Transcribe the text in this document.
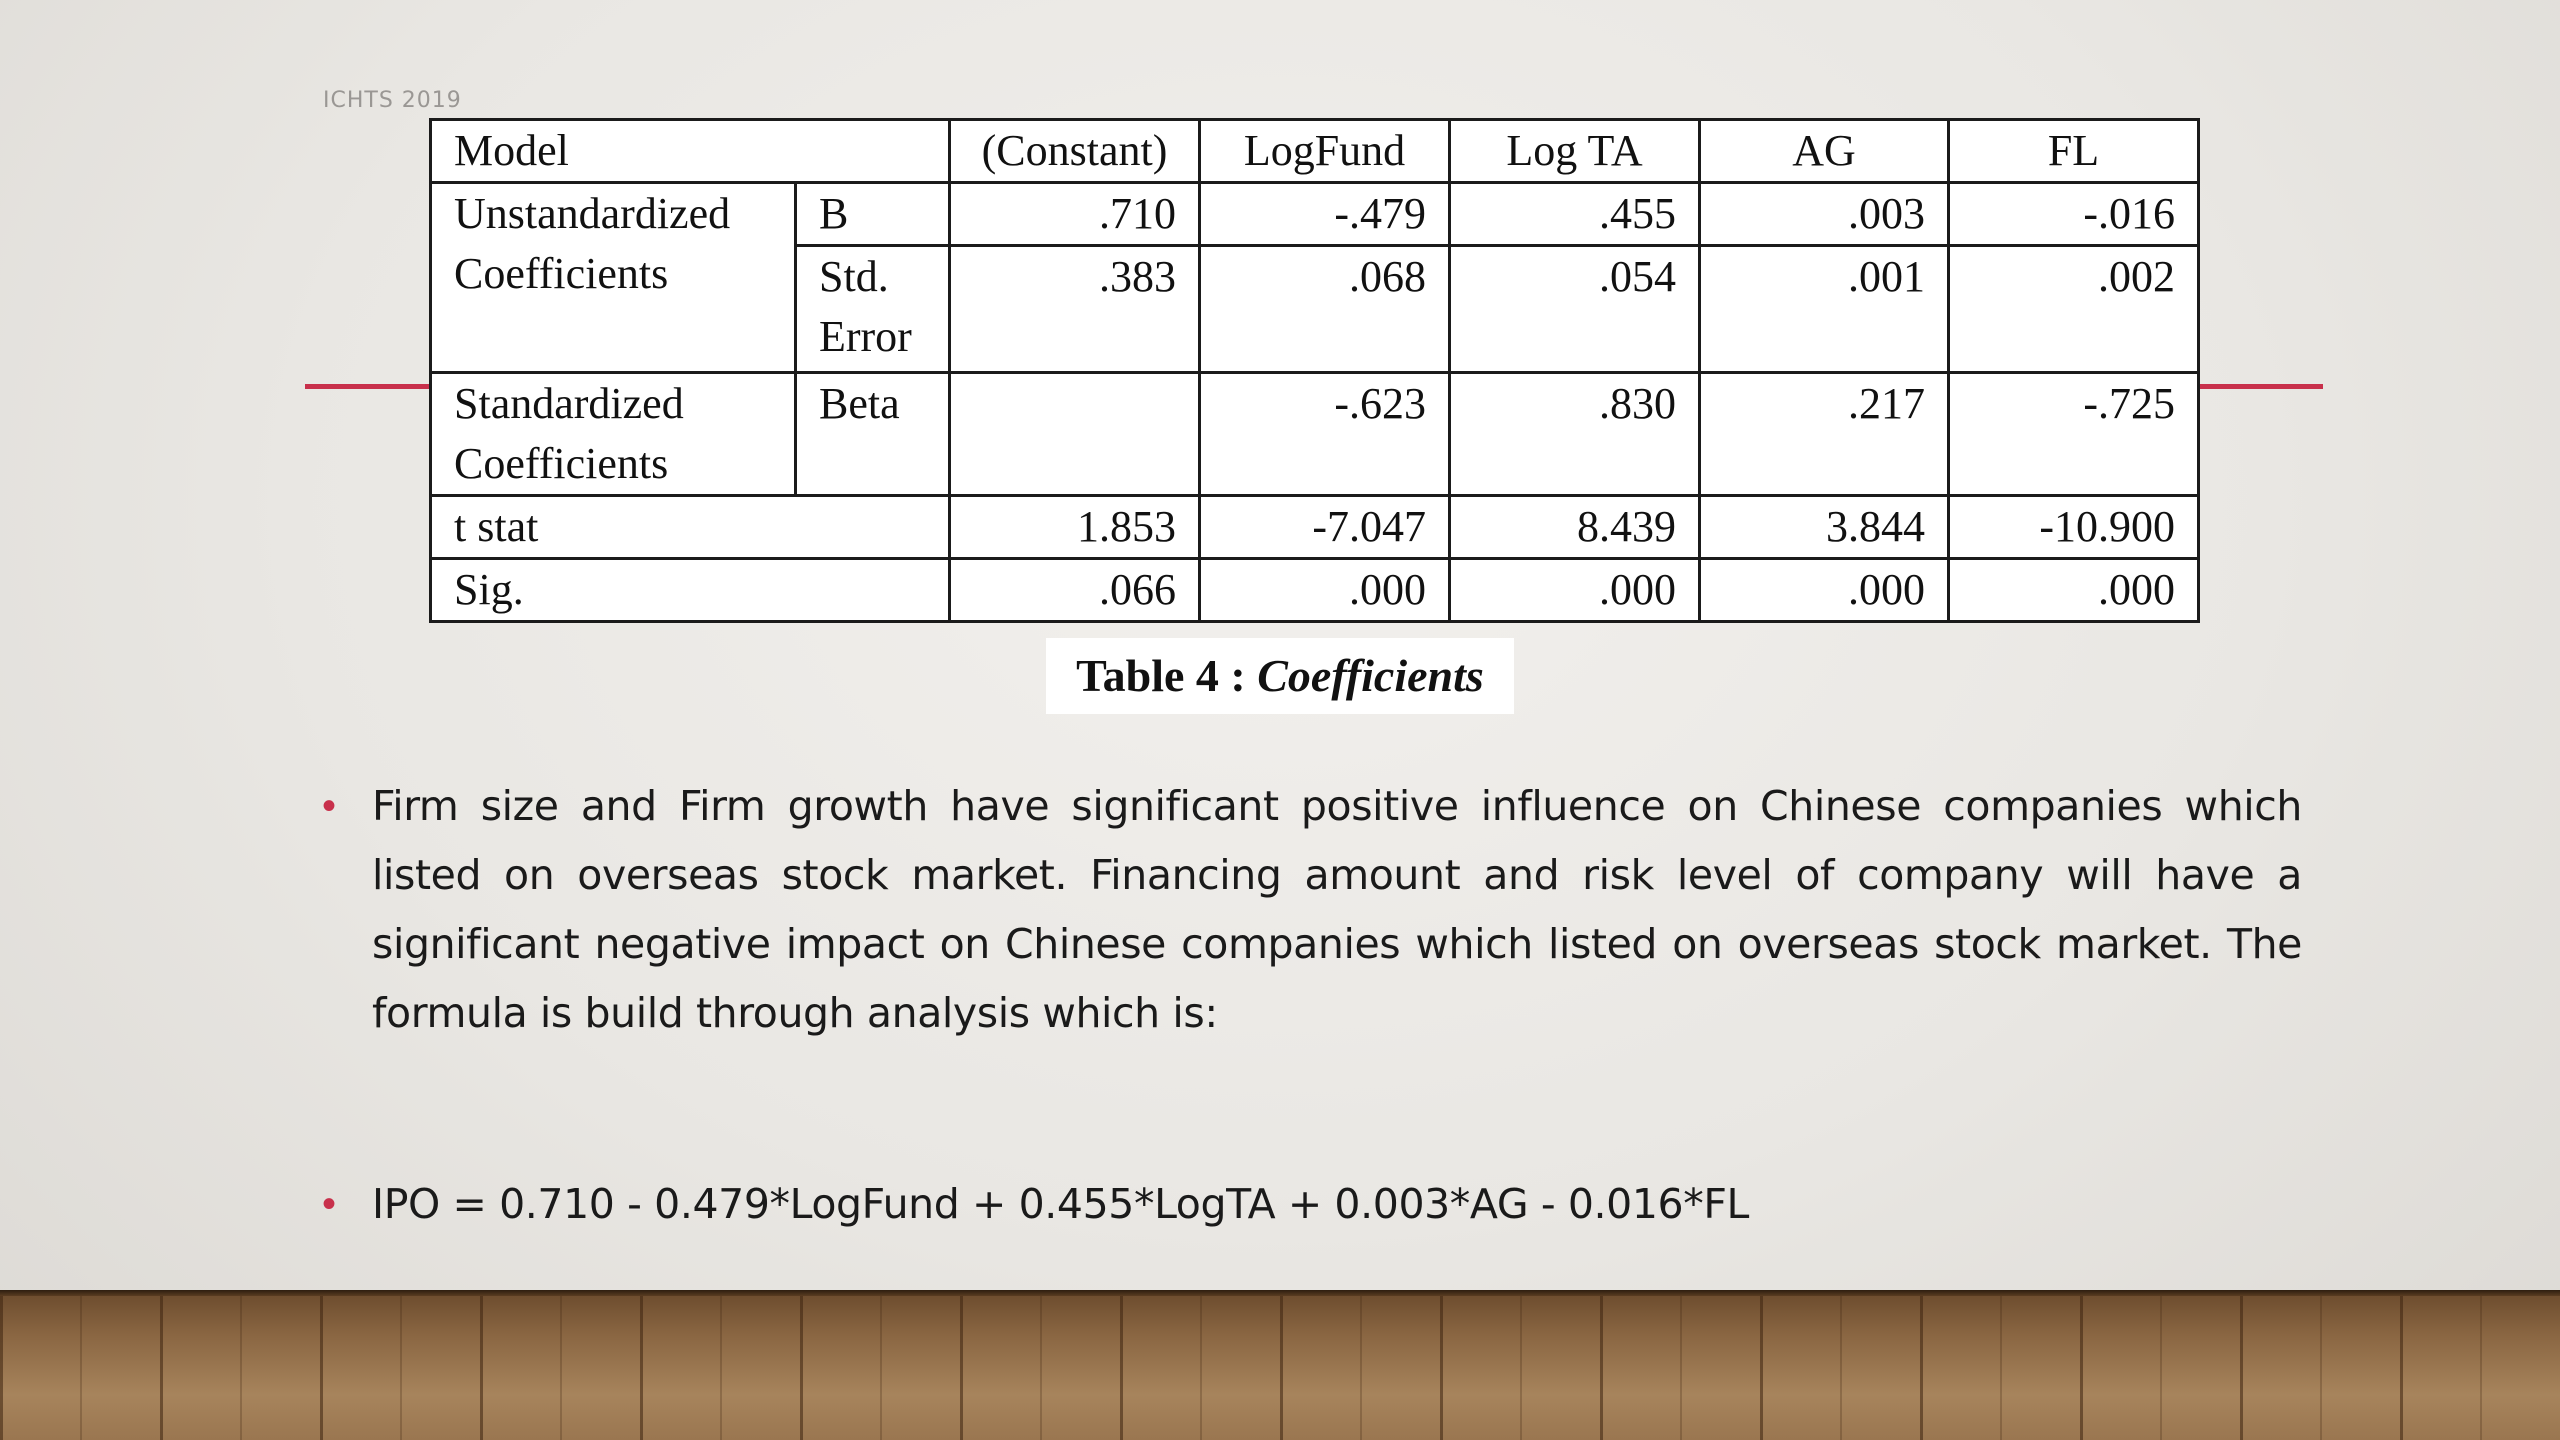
ICHTS 2019
Model		(Constant)	LogFund	Log TA	AG	FL
Unstandardized Coefficients	B	.710	-.479	.455	.003	-.016
	Std. Error	.383	.068	.054	.001	.002
Standardized Coefficients	Beta		-.623	.830	.217	-.725
t stat		1.853	-7.047	8.439	3.844	-10.900
Sig.		.066	.000	.000	.000	.000
Table 4 : Coefficients
• Firm size and Firm growth have significant positive influence on Chinese companies which listed on overseas stock market. Financing amount and risk level of company will have a significant negative impact on Chinese companies which listed on overseas stock market. The formula is build through analysis which is:
• IPO = 0.710 - 0.479*LogFund + 0.455*LogTA + 0.003*AG - 0.016*FL
